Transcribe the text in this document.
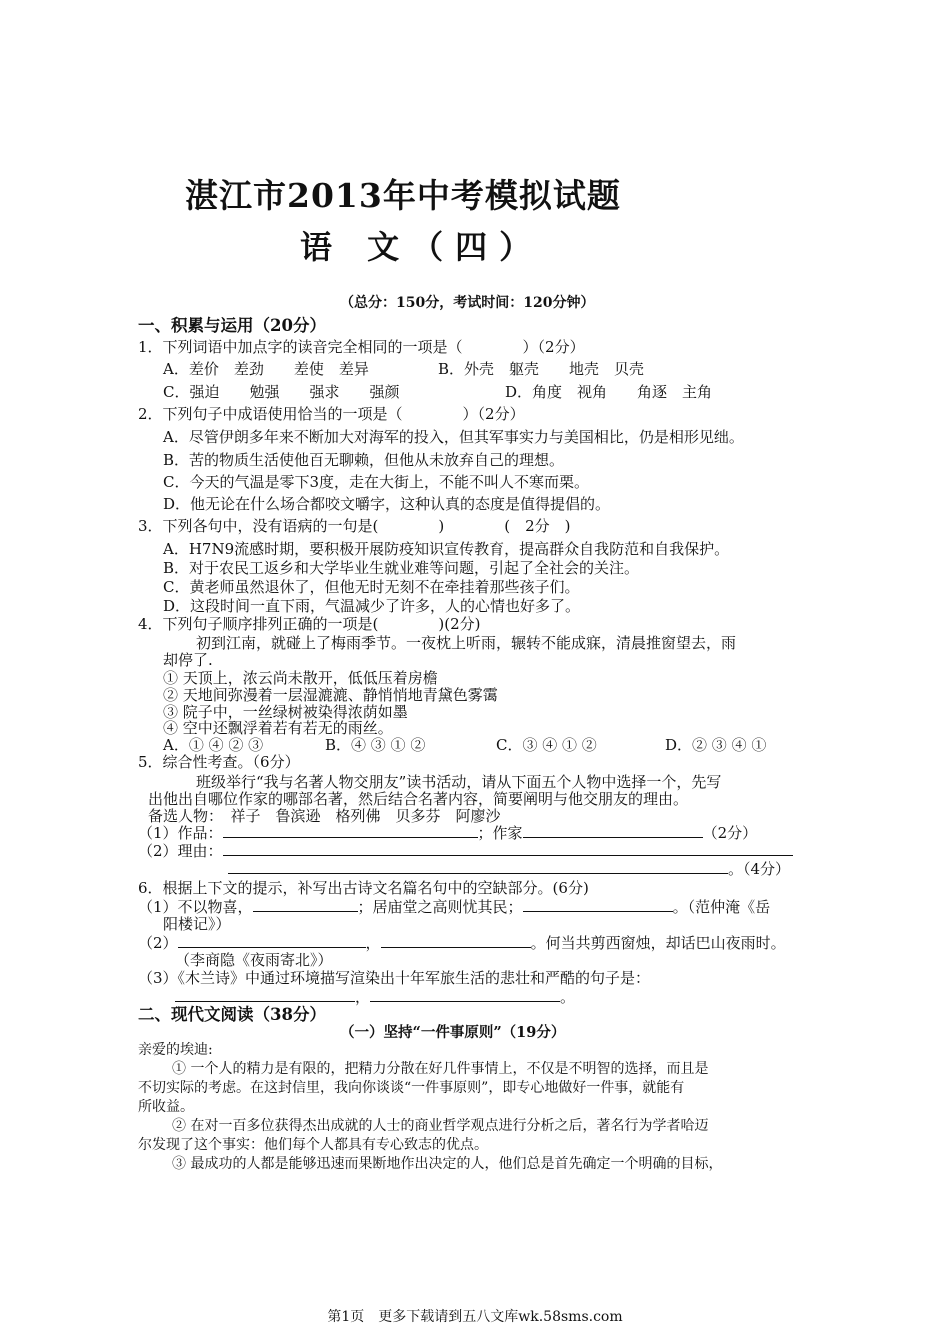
湛江市2013年中考模拟试题
语 文（四）
（总分：150分，考试时间：120分钟）
一、积累与运用（20分）
1．下列词语中加点字的读音完全相同的一项是（　　　　）（2分）
A．差价　差劲　　差使　差异	B．外壳　躯壳　　地壳　贝壳
C．强迫　　勉强　　强求　　强颜	D．角度　视角　　角逐　主角
2．下列句子中成语使用恰当的一项是（　　　　）（2分）
A．尽管伊朗多年来不断加大对海军的投入，但其军事实力与美国相比，仍是相形见绌。
B．苦的物质生活使他百无聊赖，但他从未放弃自己的理想。
C．今天的气温是零下3度，走在大街上，不能不叫人不寒而栗。
D．他无论在什么场合都咬文嚼字，这种认真的态度是值得提倡的。
3．下列各句中，没有语病的一句是(　　　　)　　　　(　2分　)
A．H7N9流感时期，要积极开展防疫知识宣传教育，提高群众自我防范和自我保护。
B．对于农民工返乡和大学毕业生就业难等问题，引起了全社会的关注。
C．黄老师虽然退休了，但他无时无刻不在牵挂着那些孩子们。
D．这段时间一直下雨，气温减少了许多，人的心情也好多了。
4．下列句子顺序排列正确的一项是(　　　　)(2分)
初到江南，就碰上了梅雨季节。一夜枕上听雨，辗转不能成寐，清晨推窗望去，雨
却停了.
① 天顶上，浓云尚未散开，低低压着房檐
② 天地间弥漫着一层湿漉漉、静悄悄地青黛色雾霭
③ 院子中，一丝绿树被染得浓荫如墨
④ 空中还飘浮着若有若无的雨丝。
A．① ④ ② ③	B．④ ③ ① ②	C．③ ④ ① ②	D．② ③ ④ ①
5．综合性考查。（6分）
班级举行“我与名著人物交朋友”读书活动，请从下面五个人物中选择一个，先写
出他出自哪位作家的哪部名著，然后结合名著内容，简要阐明与他交朋友的理由。
备选人物：　祥子　鲁滨逊　格列佛　贝多芬　阿廖沙
（1）作品：	；作家	（2分）
（2）理由：
。（4分）
6．根据上下文的提示，补写出古诗文名篇名句中的空缺部分。(6分)
（1）不以物喜，	；居庙堂之高则忧其民；	。（范仲淹《岳
阳楼记》）
（2）	，	。何当共剪西窗烛，却话巴山夜雨时。
（李商隐《夜雨寄北》）
（3）《木兰诗》中通过环境描写渲染出十年军旅生活的悲壮和严酷的句子是：
，	。
二、现代文阅读（38分）
（一）坚持“一件事原则”（19分）
亲爱的埃迪:
① 一个人的精力是有限的，把精力分散在好几件事情上，不仅是不明智的选择，而且是
不切实际的考虑。在这封信里，我向你谈谈“一件事原则”，即专心地做好一件事，就能有
所收益。
② 在对一百多位获得杰出成就的人士的商业哲学观点进行分析之后，著名行为学者哈迈
尔发现了这个事实：他们每个人都具有专心致志的优点。
③ 最成功的人都是能够迅速而果断地作出决定的人，他们总是首先确定一个明确的目标，
第1页　更多下载请到五八文库wk.58sms.com
